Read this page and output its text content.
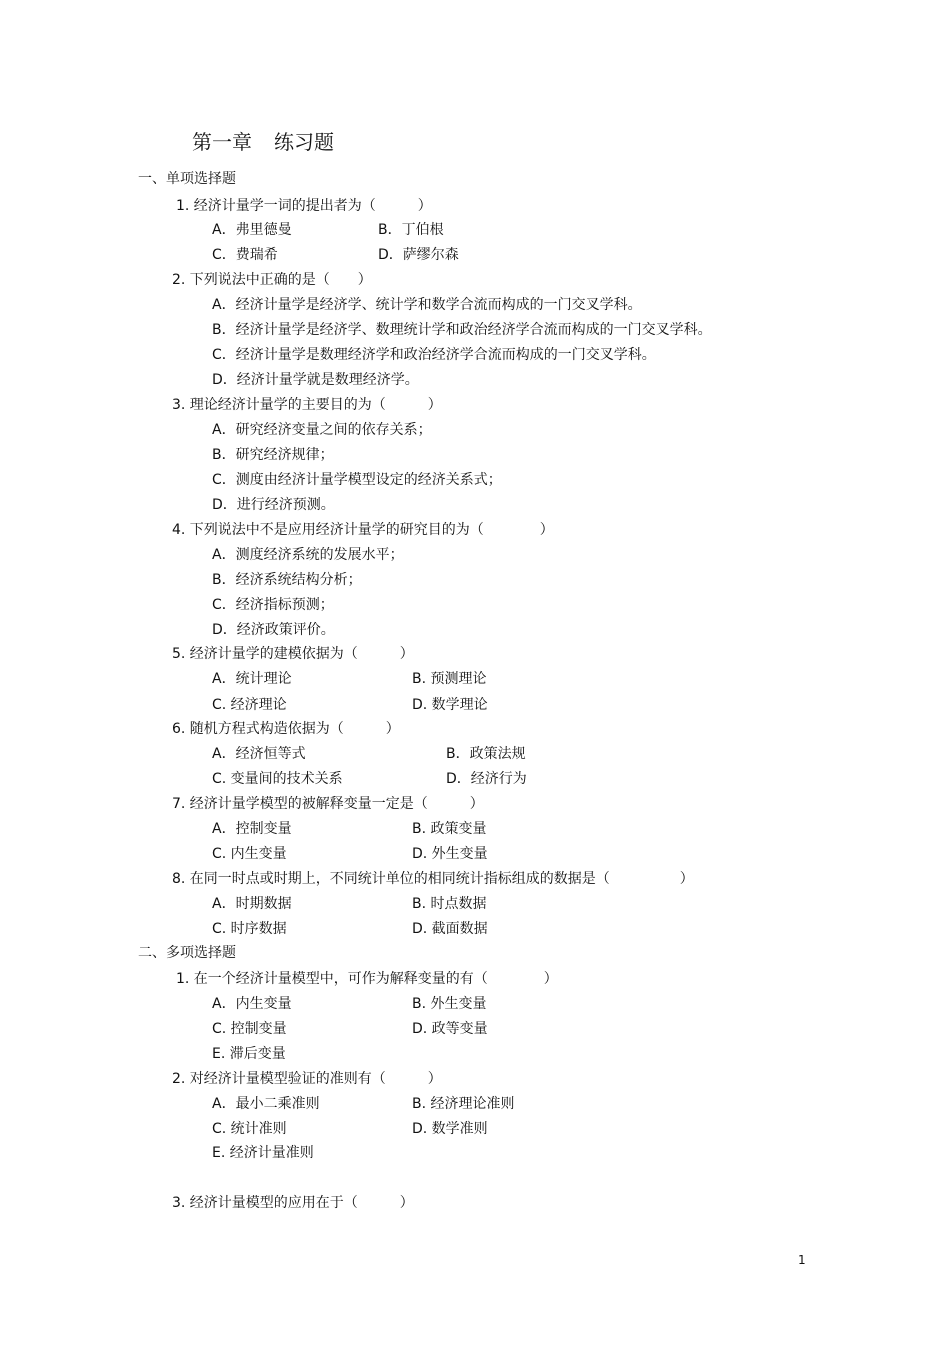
第一章 练习题
一、单项选择题
1. 经济计量学一词的提出者为（　　　）
A．弗里德曼	B．丁伯根
C．费瑞希	D．萨缪尔森
2. 下列说法中正确的是（　　）
A．经济计量学是经济学、统计学和数学合流而构成的一门交叉学科。
B．经济计量学是经济学、数理统计学和政治经济学合流而构成的一门交叉学科。
C．经济计量学是数理经济学和政治经济学合流而构成的一门交叉学科。
D．经济计量学就是数理经济学。
3. 理论经济计量学的主要目的为（　　　）
A．研究经济变量之间的依存关系；
B．研究经济规律；
C．测度由经济计量学模型设定的经济关系式；
D．进行经济预测。
4. 下列说法中不是应用经济计量学的研究目的为（　　　　）
A．测度经济系统的发展水平；
B．经济系统结构分析；
C．经济指标预测；
D．经济政策评价。
5. 经济计量学的建模依据为（　　　）
A．统计理论	B. 预测理论
C. 经济理论	D. 数学理论
6. 随机方程式构造依据为（　　　）
A．经济恒等式	B．政策法规
C. 变量间的技术关系	D．经济行为
7. 经济计量学模型的被解释变量一定是（　　　）
A．控制变量	B. 政策变量
C. 内生变量	D. 外生变量
8. 在同一时点或时期上，不同统计单位的相同统计指标组成的数据是（　　　　　）
A．时期数据	B. 时点数据
C. 时序数据	D. 截面数据
二、多项选择题
1. 在一个经济计量模型中，可作为解释变量的有（　　　　）
A．内生变量	B. 外生变量
C. 控制变量	D. 政等变量
E. 滞后变量
2. 对经济计量模型验证的准则有（　　　）
A．最小二乘准则	B. 经济理论准则
C. 统计准则	D. 数学准则
E. 经济计量准则
3. 经济计量模型的应用在于（　　　）
1
